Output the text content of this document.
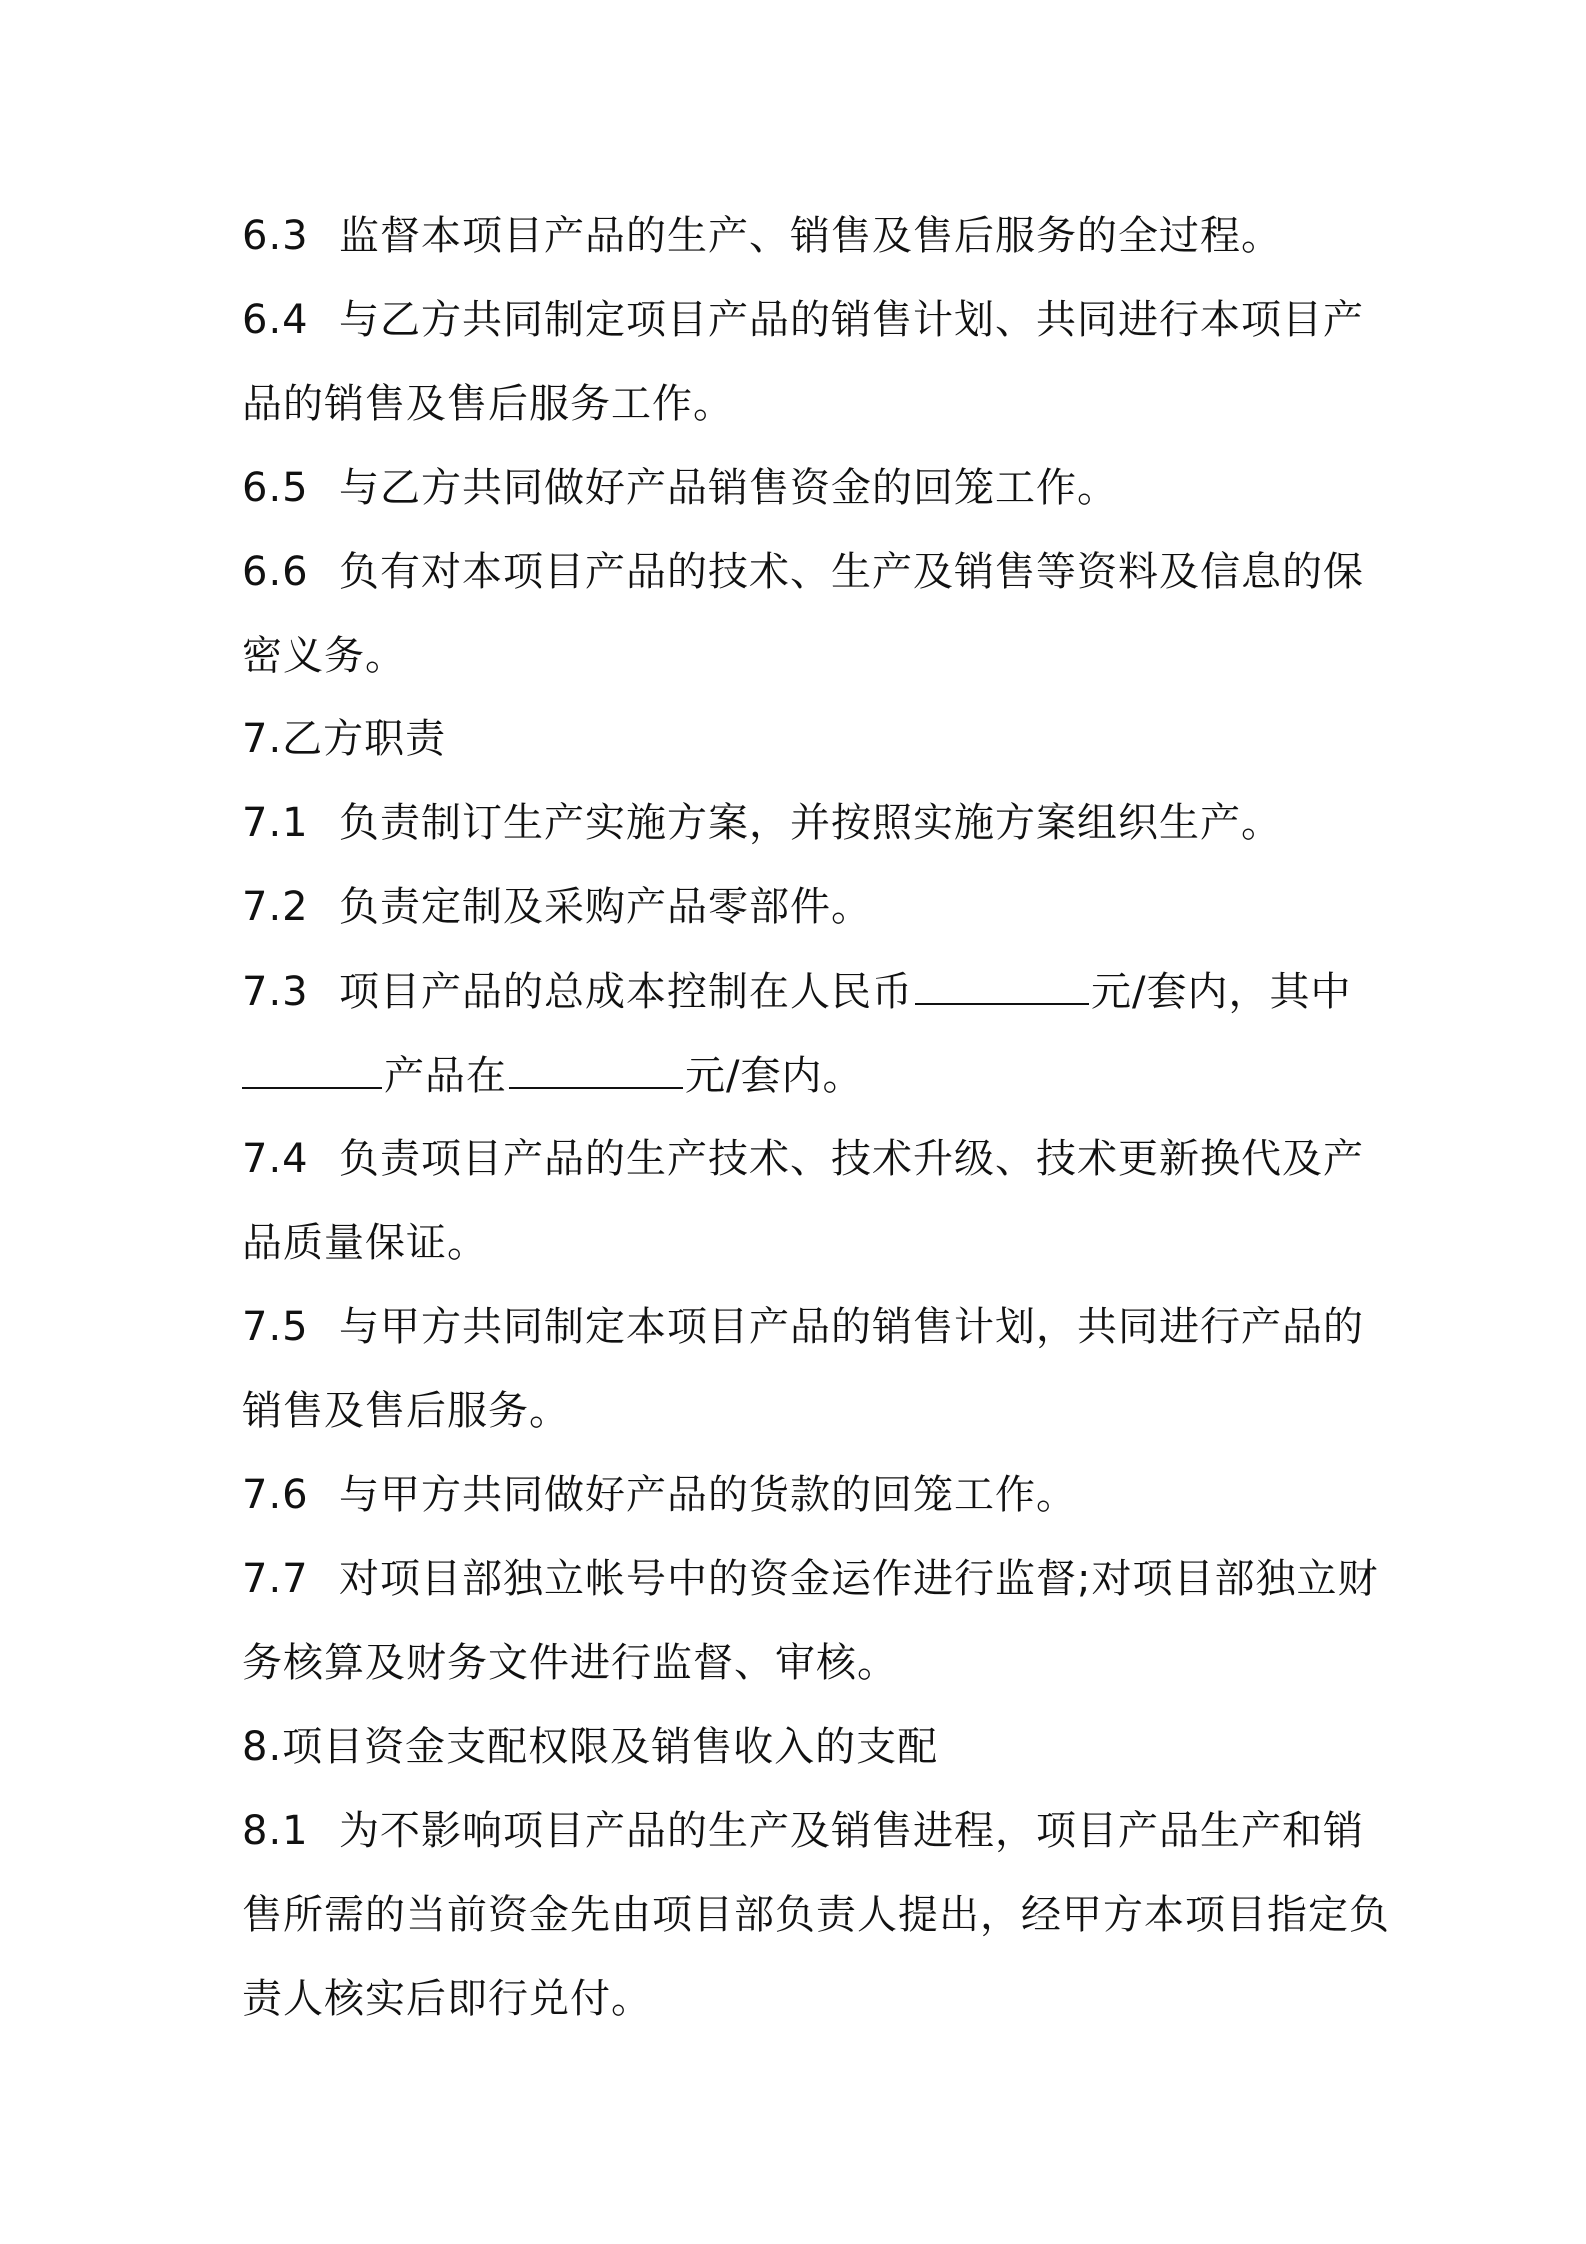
6.3 监督本项目产品的生产、销售及售后服务的全过程。
6.4 与乙方共同制定项目产品的销售计划、共同进行本项目产
品的销售及售后服务工作。
6.5 与乙方共同做好产品销售资金的回笼工作。
6.6 负有对本项目产品的技术、生产及销售等资料及信息的保
密义务。
7.乙方职责
7.1 负责制订生产实施方案，并按照实施方案组织生产。
7.2 负责定制及采购产品零部件。
7.3 项目产品的总成本控制在人民币	元/套内，其中
产品在	元/套内。
7.4 负责项目产品的生产技术、技术升级、技术更新换代及产
品质量保证。
7.5 与甲方共同制定本项目产品的销售计划，共同进行产品的
销售及售后服务。
7.6 与甲方共同做好产品的货款的回笼工作。
7.7 对项目部独立帐号中的资金运作进行监督;对项目部独立财
务核算及财务文件进行监督、审核。
8.项目资金支配权限及销售收入的支配
8.1 为不影响项目产品的生产及销售进程，项目产品生产和销
售所需的当前资金先由项目部负责人提出，经甲方本项目指定负
责人核实后即行兑付。
